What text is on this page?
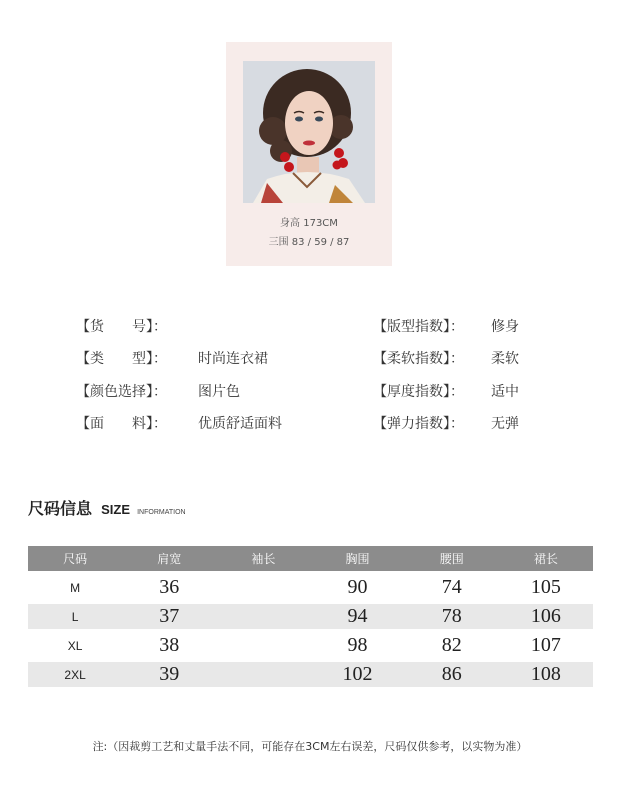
身高 173CM
三围 83 / 59 / 87
【货　　号】：
【类　　型】： 时尚连衣裙
【颜色选择】： 图片色
【面　　料】： 优质舒适面料
【版型指数】： 修身
【柔软指数】： 柔软
【厚度指数】： 适中
【弹力指数】： 无弹
尺码信息 SIZE INFORMATION
尺码	肩宽	袖长	胸围	腰围	裙长

M	36		90	74	105

L	37		94	78	106

XL	38		98	82	107

2XL	39		102	86	108
注:（因裁剪工艺和丈量手法不同，可能存在3CM左右误差，尺码仅供参考，以实物为准）
